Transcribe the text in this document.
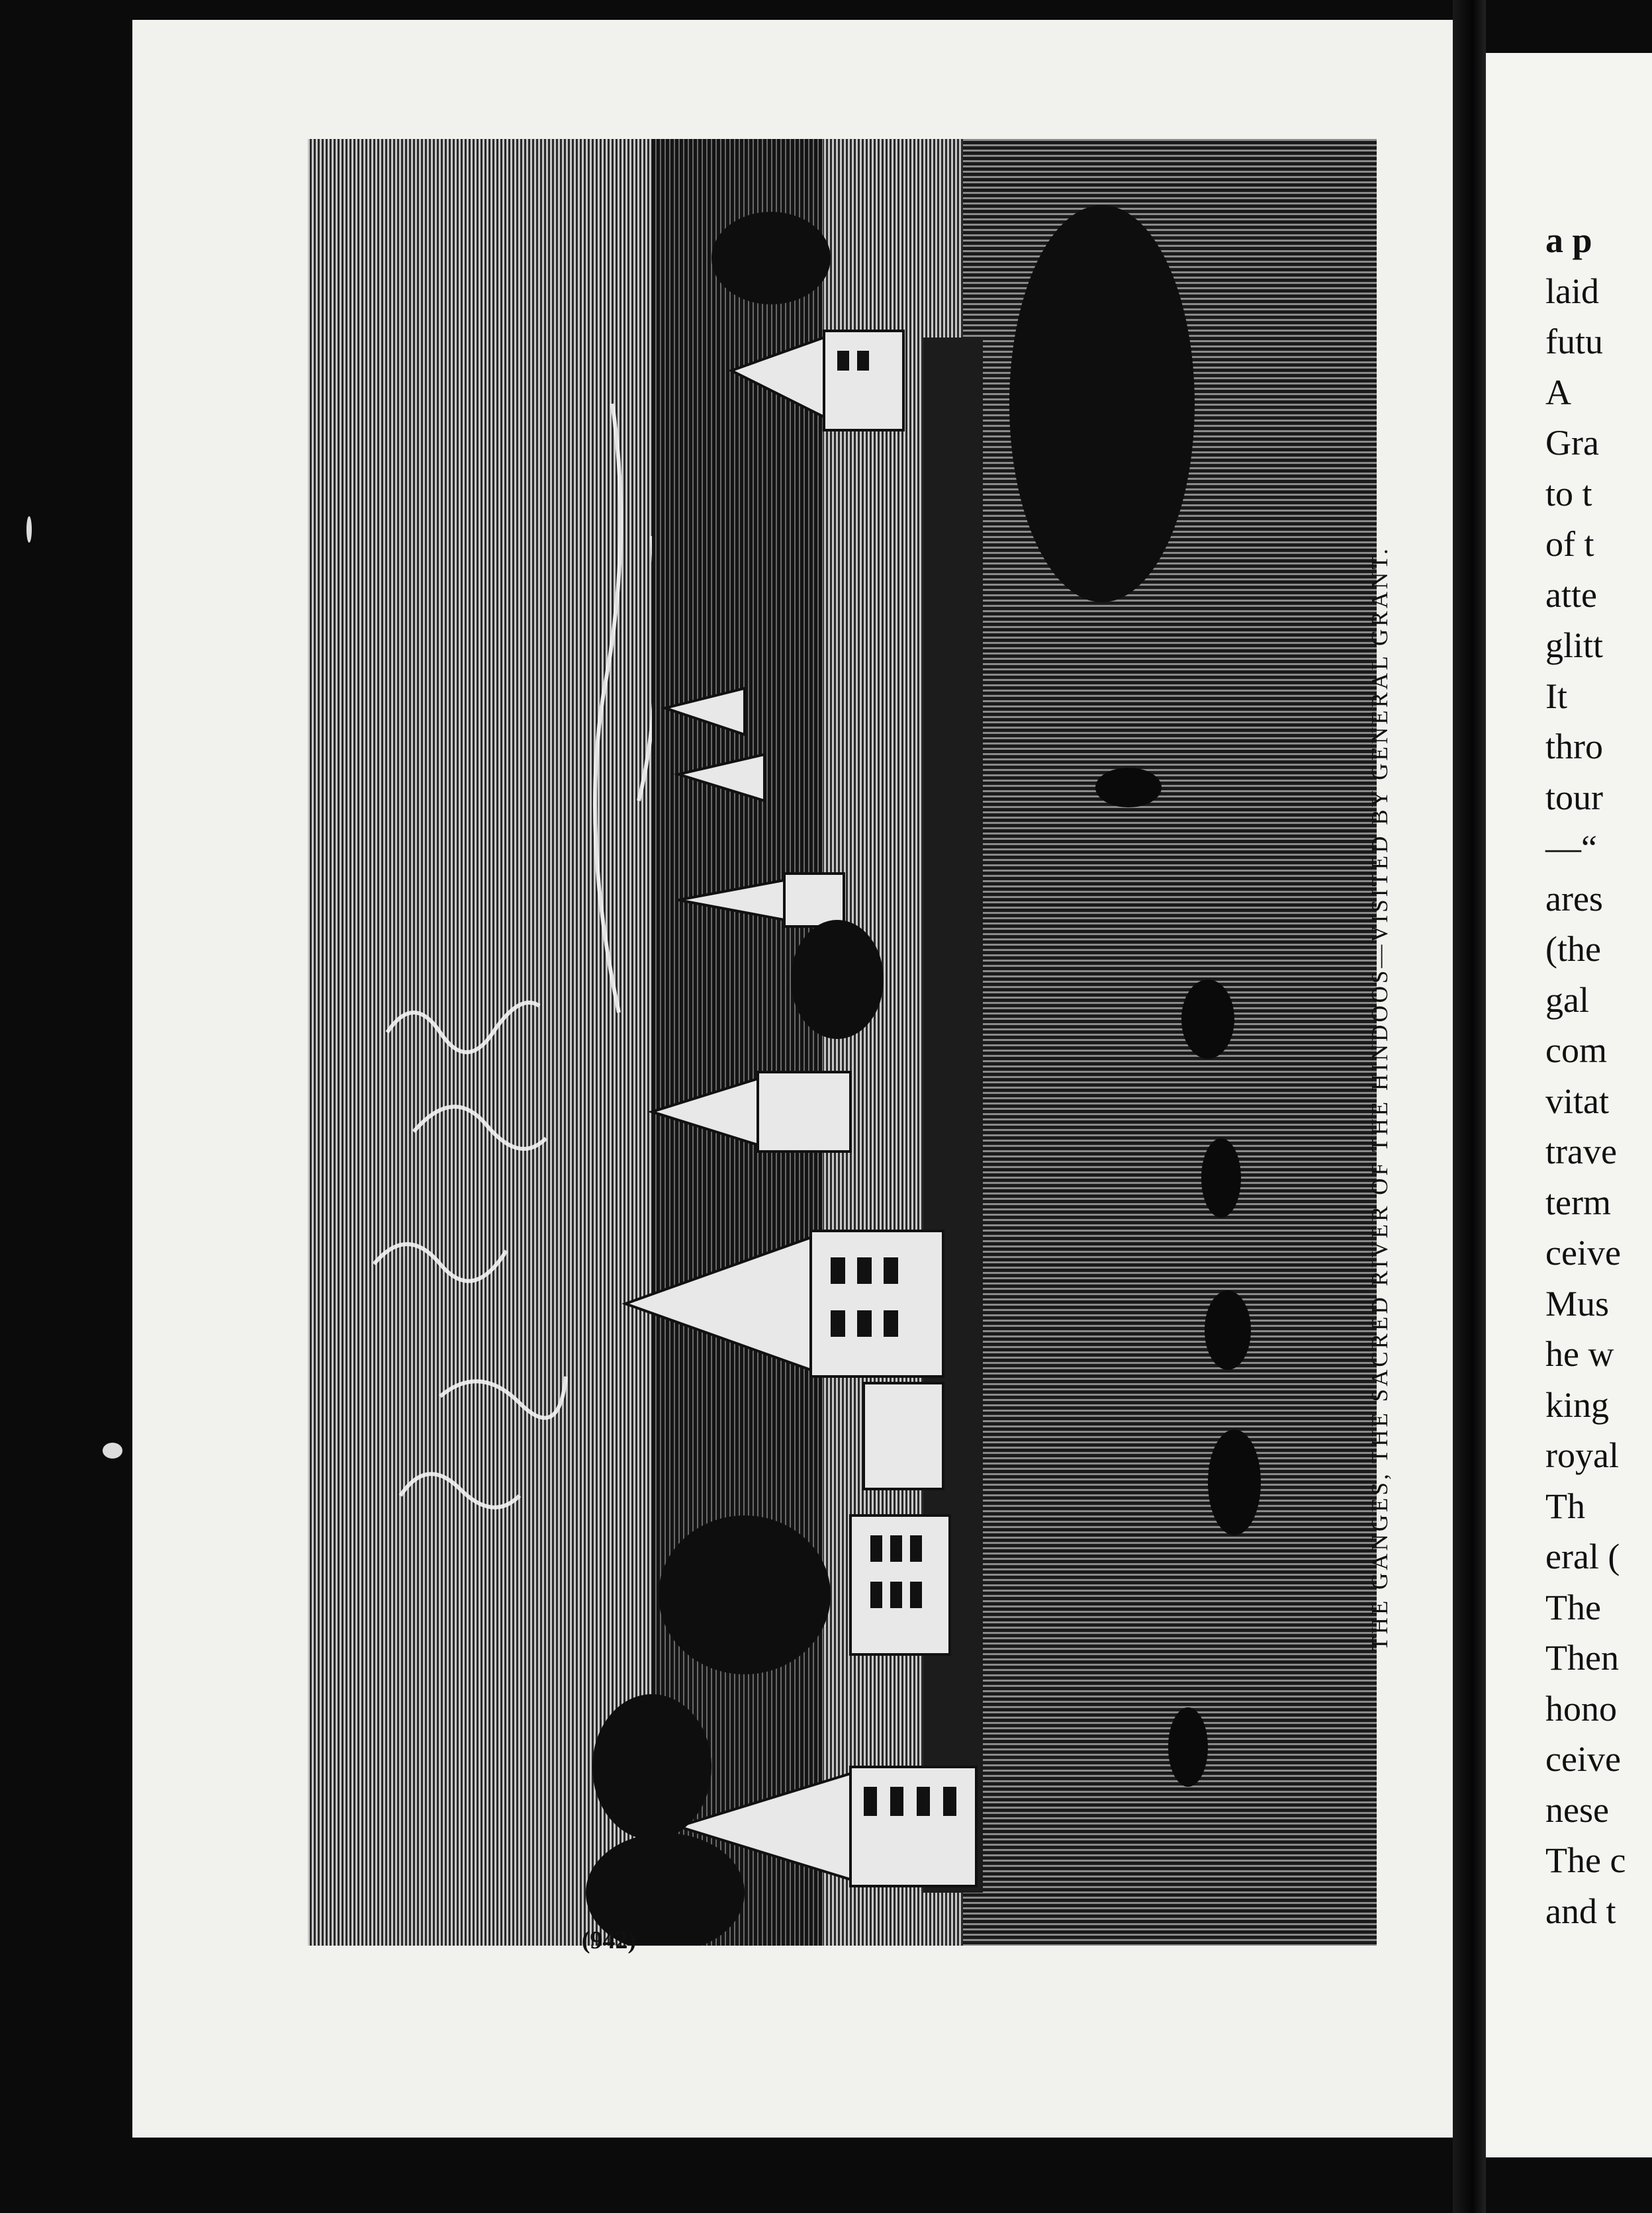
THE GANGES, THE SACRED RIVER OF THE HINDOOS—VISITED BY GENERAL GRANT.
(942)
a p
laid
futu
A
Gra
to t
of t
atte
glitt
It
thro
tour
—“
ares
(the
gal
com
vitat
trave
term
ceive
Mus
he w
king
royal
Th
eral (
The
Then
hono
ceive
nese
The c
and t
